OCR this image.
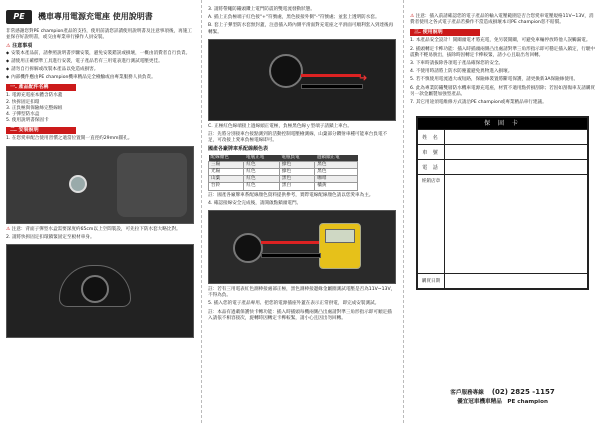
PE	機車專用電源充電座 使用說明書
非常感謝您對PE champion產品的支持，使用前請您詳讀使用說明書及注意事項後，再施工並保存好說明書，或交由專業車行操作人員安裝。
⚠ 注意事項
◆ 安裝本產品前，請參照說明書步驟安裝，避免安裝錯誤或損壞，一概由消費者自行負責。
◆ 請使用正確標準工具進行安裝，電子產品若有三用電表進行測試電壓更佳。
◆ 請勿自行拆解或改裝本產品以免造成損害。
◆ 內部機件應由PE champion機車精品完全檢驗或由專業服務人員負責。
一. 產品配件名稱
1. 電源充電座本體含防水蓋
2. 快拆固定扣環
3. 正負極與保險絲完整線組
4. 子彈型防水盒
5. 使用說明書保固卡
二. 安裝說明
1. 在您愛車配合使用習慣之適當位置開一直徑約29mm圓孔。
⚠ 注意：背面子彈型水盒需要深度約65cm以上空間裝設，可先拉下防水套大略比對。
2. 請將快拆固定扣環鎖緊固定至板材車身。
3. 請將帶繩防鏽頭鑽上電門防震的雙電流發動狀態。
A. 插上正負極端子紅色接"+"符號處，黑色接接外側"-"符號處；並套上透明防水套。
B. 套上子彈型防水套無封蓋，注意插入時內側平滑面對充電座之平滑面可順利套入到達後再轉緊。
➜
C. 正極紅色線端接上過線頭正電極，負極黑色線ｙ型端子請鎖上車台。
註：先將分別接車台接點測到的活動控制電壓檢測線，山葉部分鑽射車種可能車台負電不足，可改接上愛車負極電線即可。
國產各廠牌車系配線顏色表
配線顏色	電瓶正電	電瓶負電	過鎖頭正電
三陽	紅色	綠色	黑色
光陽	紅色	綠色	黑色
山葉	紅色	黑色	咖啡
台鈴	紅色	黑白	橘黃
註：國產各廠牌車系配線顏色資料提供參考，實際電線配線顏色請以您愛車為主。
4. 確認接線安全完成後，請開啟點鎖頭電門。
註：若有三用電表紅色測棒接處部正極，黑色測棒接邊緣金屬圈測試電壓是否為11V~13V，不得為負。
5. 插入您的電子產品專用、把您的電源插座外蓋在表示正常供電，即完成安裝測試。
註：本品有過載保護快卡轉功能：插入時插頭每機兩側凸出處請對準三角形指示即可順定插入請依不相容接次，旋轉時因轉定卡榫較緊，請小心且因出勿回轉。
⚠ 注意：插入前請確認您的電子產品的輸入電壓範圍是否合您愛車電壓規格11V~13V，消費者使用之各式電子產品若操作不當造成損壞本司PE champion恕不賠償。
三. 使用說明
1. 本產品安全設計！開關頭電才將充電，免另裝開關，可避免車輛停放時他人誤觸漏電。
2. 插頭轉定卡榫功能：插入時插頭兩側凸出處請對準三角形指示即可穩定插入鎖定，行駛中震動不輕易脫出，拔除時因轉定卡榫較緊，請小心且取出勿回轉。
3. 下車時請拔除各項電子產品確保您的安全。
4. 不使用時請將上防水防塵蓋避免異物進入損壞。
5. 若不慎使用電流過大或短路，保險絲裝置將斷電保護，請更換新3A保險絲使用。
6. 此為專業防鏽雙層防水機車電源充電座，材質不適用點折損刮除；若因如刮傷車友請購買另一款金屬製加強型產品。
7. 其它用途須電維修方式請洽PE champion或專業精品車行建議。
保 固 卡
姓 名
車 號
電 話
經銷店章
購買日期
客戶服務專線 (02) 2825 -1157
優宜冠車機車精品　PE champion
